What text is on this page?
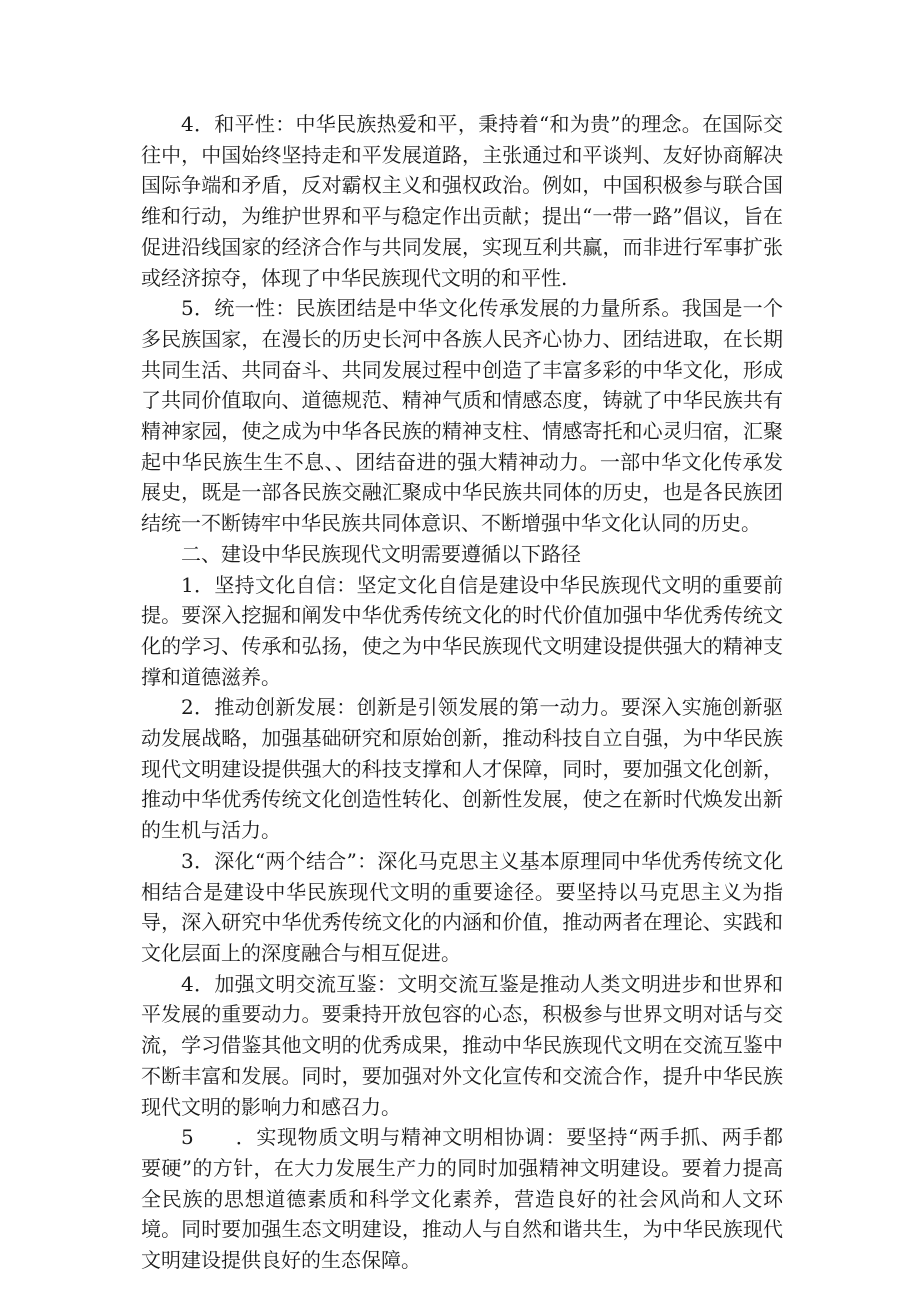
4．和平性：中华民族热爱和平，秉持着“和为贵”的理念。在国际交往中，中国始终坚持走和平发展道路，主张通过和平谈判、友好协商解决国际争端和矛盾，反对霸权主义和强权政治。例如，中国积极参与联合国维和行动，为维护世界和平与稳定作出贡献；提出“一带一路”倡议，旨在促进沿线国家的经济合作与共同发展，实现互利共赢，而非进行军事扩张或经济掠夺，体现了中华民族现代文明的和平性.

5．统一性：民族团结是中华文化传承发展的力量所系。我国是一个多民族国家，在漫长的历史长河中各族人民齐心协力、团结进取，在长期共同生活、共同奋斗、共同发展过程中创造了丰富多彩的中华文化，形成了共同价值取向、道德规范、精神气质和情感态度，铸就了中华民族共有精神家园，使之成为中华各民族的精神支柱、情感寄托和心灵归宿，汇聚起中华民族生生不息、、团结奋进的强大精神动力。一部中华文化传承发展史，既是一部各民族交融汇聚成中华民族共同体的历史，也是各民族团结统一不断铸牢中华民族共同体意识、不断增强中华文化认同的历史。

二、建设中华民族现代文明需要遵循以下路径

1．坚持文化自信：坚定文化自信是建设中华民族现代文明的重要前提。要深入挖掘和阐发中华优秀传统文化的时代价值加强中华优秀传统文化的学习、传承和弘扬，使之为中华民族现代文明建设提供强大的精神支撑和道德滋养。

2．推动创新发展：创新是引领发展的第一动力。要深入实施创新驱动发展战略，加强基础研究和原始创新，推动科技自立自强，为中华民族现代文明建设提供强大的科技支撑和人才保障，同时，要加强文化创新，推动中华优秀传统文化创造性转化、创新性发展，使之在新时代焕发出新的生机与活力。

3．深化“两个结合”：深化马克思主义基本原理同中华优秀传统文化相结合是建设中华民族现代文明的重要途径。要坚持以马克思主义为指导，深入研究中华优秀传统文化的内涵和价值，推动两者在理论、实践和文化层面上的深度融合与相互促进。

4．加强文明交流互鉴：文明交流互鉴是推动人类文明进步和世界和平发展的重要动力。要秉持开放包容的心态，积极参与世界文明对话与交流，学习借鉴其他文明的优秀成果，推动中华民族现代文明在交流互鉴中不断丰富和发展。同时，要加强对外文化宣传和交流合作，提升中华民族现代文明的影响力和感召力。

5　　．实现物质文明与精神文明相协调：要坚持“两手抓、两手都要硬”的方针，在大力发展生产力的同时加强精神文明建设。要着力提高全民族的思想道德素质和科学文化素养，营造良好的社会风尚和人文环境。同时要加强生态文明建设，推动人与自然和谐共生，为中华民族现代文明建设提供良好的生态保障。
